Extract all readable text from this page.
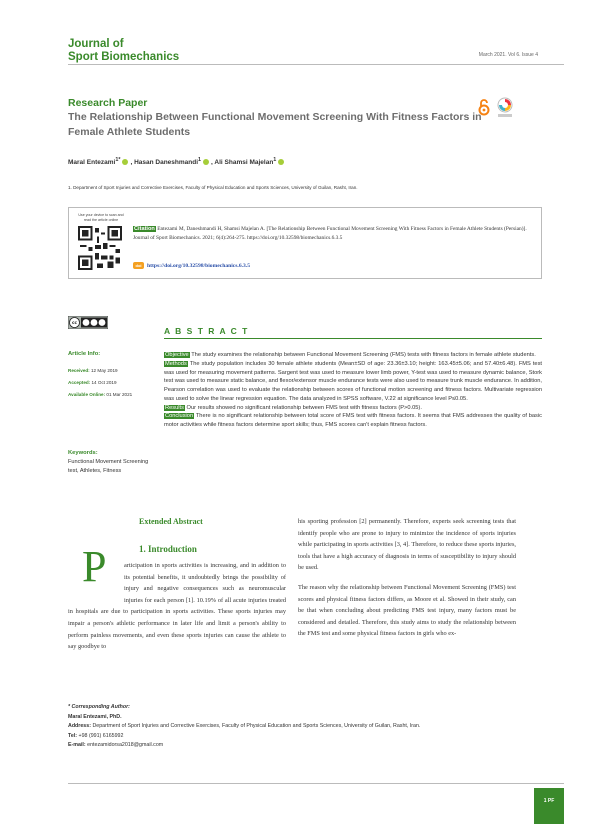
Journal of
Sport Biomechanics	March 2021. Vol 6. Issue 4
Research Paper
The Relationship Between Functional Movement Screening With Fitness Factors in Female Athlete Students
Maral Entezami$^{1*}$ , Hasan Daneshmandi$^1$ , Ali Shamsi Majelan$^1$
1. Department of Sport Injuries and Corrective Exercises, Faculty of Physical Education and Sports Sciences, University of Guilan, Rasht, Iran.
Use your device to scan and read the article online
Citation Entezami M, Daneshmandi H, Shamsi Majelan A. [The Relationship Between Functional Movement Screening With Fitness Factors in Female Athlete Students (Persian)]. Journal of Sport Biomechanics. 2021; 6(4):264-275. https://doi.org/10.32598/biomechanics.6.3.5
doi https://doi.org/10.32598/biomechanics.6.3.5
cc
A B S T R A C T
Article Info:
Received: 12 May 2019
Accepted: 14 Oct 2019
Available Online: 01 Mar 2021
Keywords:
Functional Movement Screening test, Athletes, Fitness

Objective The study examines the relationship between Functional Movement Screening (FMS) tests with fitness factors in female athlete students.

Methods The study population includes 30 female athlete students (Mean±SD of age: 23.36±3.10; height: 163.45±5.06; and 57.40±6.48). FMS test was used for measuring movement patterns. Sargent test was used to measure lower limb power, Y-test was used to measure dynamic balance, Stork test was used to measure static balance, and flexor/extensor muscle endurance tests were also used to measure trunk muscle endurance. In addition, Pearson correlation was used to evaluate the relationship between scores of functional motion screening and fitness factors. Multivariate regression was used to solve the linear regression equation. The data analyzed in SPSS software, V.22 at significance level P≤0.05.

Results Our results showed no significant relationship between FMS test with fitness factors (P>0.05).

Conclusion There is no significant relationship between total score of FMS test with fitness factors. It seems that FMS addresses the quality of basic motor activities while fitness factors determine sport skills; thus, FMS scores can't explain fitness factors.

Extended Abstract
1. Introduction
P	articipation in sports activities is increasing, and in addition to its potential benefits, it undoubtedly brings the possibility of injury and negative consequences such as neuromuscular injuries for each person [1]. 10.19% of all acute injuries treated in hospitals are due to participation in sports activities. These sports injuries may impair a person's athletic performance in later life and limit a person's ability to perform painless movements, and even these sports injuries can cause the athlete to say goodbye to

his sporting profession [2] permanently. Therefore, experts seek screening tests that identify people who are prone to injury to minimize the incidence of sports injuries while participating in sports activities [3, 4]. Therefore, to reduce these sports injuries, tools that have a high accuracy of diagnosis in terms of susceptibility to injury should be used.

The reason why the relationship between Functional Movement Screening (FMS) test scores and physical fitness factors differs, as Moore et al. Showed in their study, can be that when concluding about predicting FMS test injury, many factors must be considered and detailed. Therefore, this study aims to study the relationship between the FMS test and some physical fitness factors in girls who ex-

* Corresponding Author:
Maral Entezami, PhD.
Address: Department of Sport Injuries and Corrective Exercises, Faculty of Physical Education and Sports Sciences, University of Guilan, Rasht, Iran.
Tel: +98 (991) 6165992
E-mail: entezamidorsa2018@gmail.com
1 PF
